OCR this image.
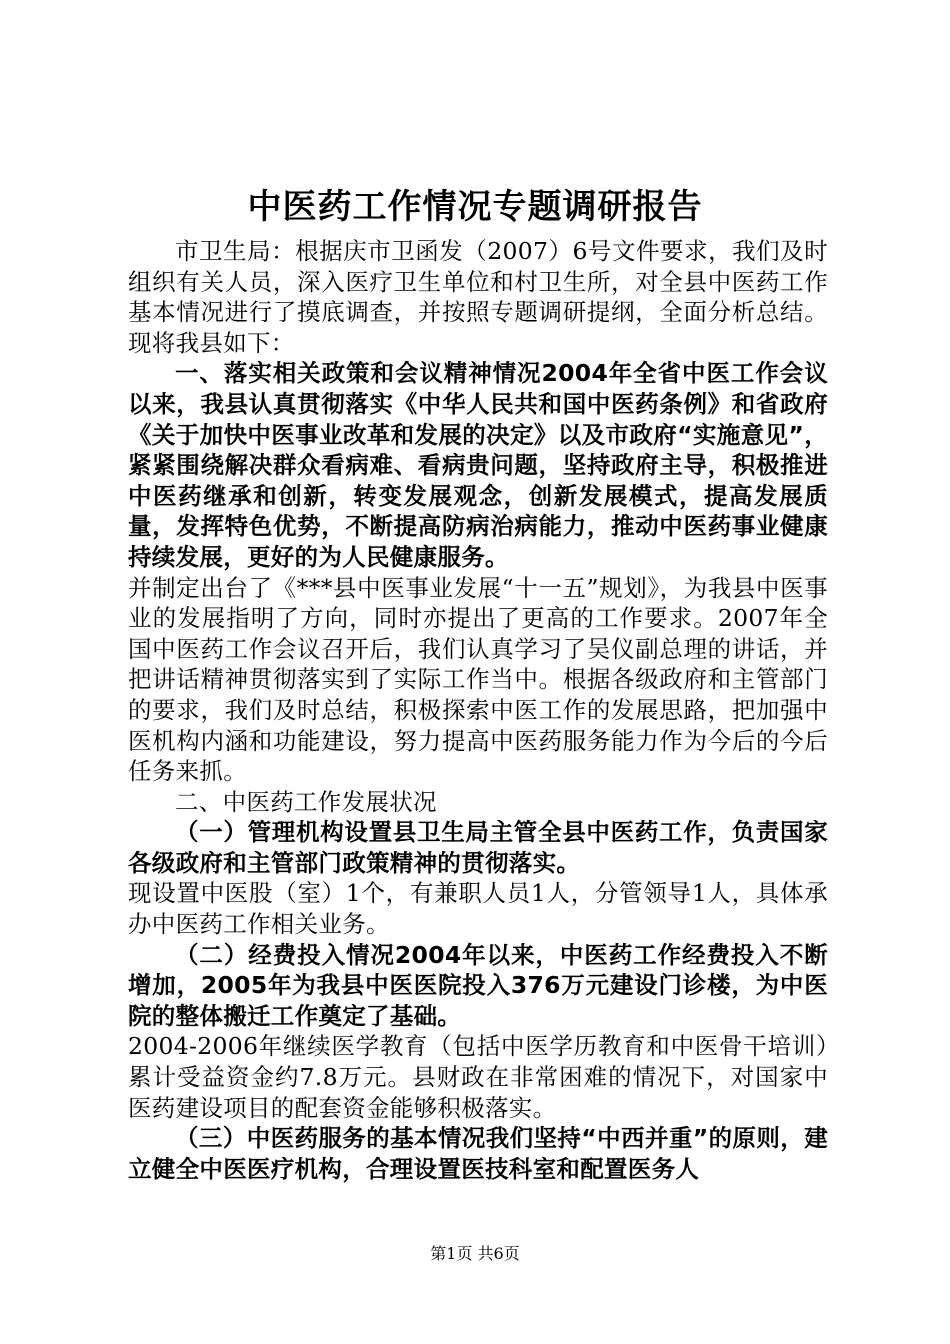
中医药工作情况专题调研报告

市卫生局：根据庆市卫函发（2007）6号文件要求，我们及时组织有关人员，深入医疗卫生单位和村卫生所，对全县中医药工作基本情况进行了摸底调查，并按照专题调研提纲，全面分析总结。现将我县如下：

一、落实相关政策和会议精神情况2004年全省中医工作会议以来，我县认真贯彻落实《中华人民共和国中医药条例》和省政府《关于加快中医事业改革和发展的决定》以及市政府“实施意见”，紧紧围绕解决群众看病难、看病贵问题，坚持政府主导，积极推进中医药继承和创新，转变发展观念，创新发展模式，提高发展质量，发挥特色优势，不断提高防病治病能力，推动中医药事业健康持续发展，更好的为人民健康服务。

并制定出台了《***县中医事业发展“十一五”规划》，为我县中医事业的发展指明了方向，同时亦提出了更高的工作要求。2007年全国中医药工作会议召开后，我们认真学习了吴仪副总理的讲话，并把讲话精神贯彻落实到了实际工作当中。根据各级政府和主管部门的要求，我们及时总结，积极探索中医工作的发展思路，把加强中医机构内涵和功能建设，努力提高中医药服务能力作为今后的今后任务来抓。

二、中医药工作发展状况

（一）管理机构设置县卫生局主管全县中医药工作，负责国家各级政府和主管部门政策精神的贯彻落实。

现设置中医股（室）1个，有兼职人员1人，分管领导1人，具体承办中医药工作相关业务。

（二）经费投入情况2004年以来，中医药工作经费投入不断增加，2005年为我县中医医院投入376万元建设门诊楼，为中医院的整体搬迁工作奠定了基础。

2004-2006年继续医学教育（包括中医学历教育和中医骨干培训）累计受益资金约7.8万元。县财政在非常困难的情况下，对国家中医药建设项目的配套资金能够积极落实。

（三）中医药服务的基本情况我们坚持“中西并重”的原则，建立健全中医医疗机构，合理设置医技科室和配置医务人

第1页 共6页
